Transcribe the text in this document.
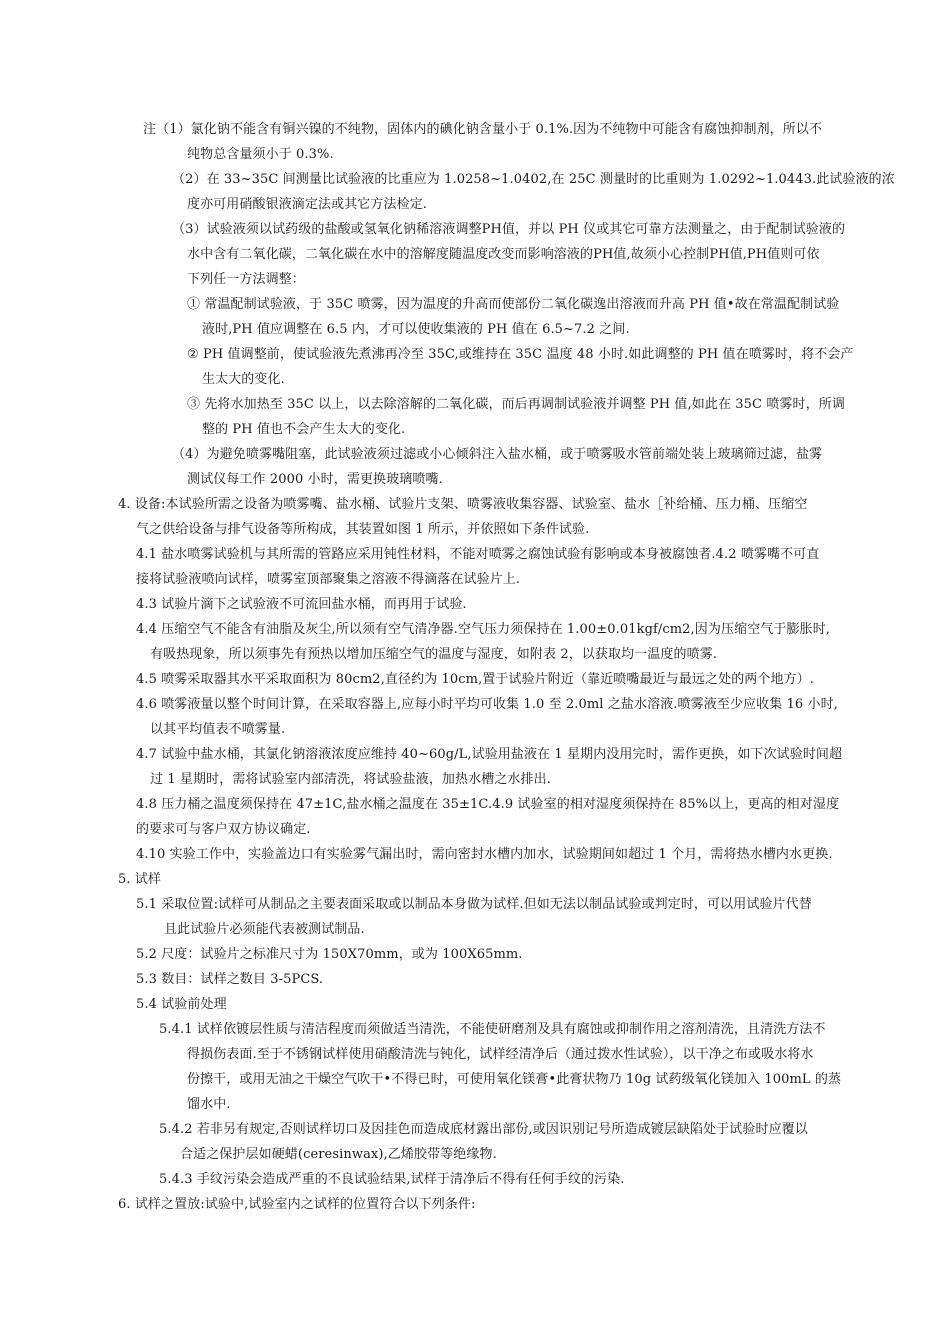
注（1）氯化钠不能含有铜兴镍的不纯物，固体内的碘化钠含量小于 0.1%.因为不纯物中可能含有腐蚀抑制剂，所以不
纯物总含量须小于 0.3%.
（2）在 33~35C 间测量比试验液的比重应为 1.0258~1.0402,在 25C 测量时的比重则为 1.0292~1.0443.此试验液的浓
度亦可用硝酸银液滴定法或其它方法检定.
（3）试验液须以试药级的盐酸或氢氧化钠稀溶液调整PH值，并以 PH 仪或其它可靠方法测量之，由于配制试验液的
水中含有二氧化碳，二氧化碳在水中的溶解度随温度改变而影响溶液的PH值,故须小心控制PH值,PH值则可依
下列任一方法调整：
① 常温配制试验液，于 35C 喷雾，因为温度的升高而使部份二氧化碳逸出溶液而升高 PH 值•故在常温配制试验
液时,PH 值应调整在 6.5 内，才可以使收集液的 PH 值在 6.5~7.2 之间.
② PH 值调整前，使试验液先煮沸再冷至 35C,或维持在 35C 温度 48 小时.如此调整的 PH 值在喷雾时，将不会产
生太大的变化.
③ 先将水加热至 35C 以上，以去除溶解的二氧化碳，而后再调制试验液并调整 PH 值,如此在 35C 喷雾时，所调
整的 PH 值也不会产生太大的变化.
（4）为避免喷雾嘴阻塞，此试验液须过滤或小心倾斜注入盐水桶，或于喷雾吸水管前端处装上玻璃筛过滤，盐雾
测试仪每工作 2000 小时，需更换玻璃喷嘴.
4. 设备:本试验所需之设备为喷雾嘴、盐水桶、试验片支架、喷雾液收集容器、试验室、盐水［补给桶、压力桶、压缩空
气之供给设备与排气设备等所构成，其装置如图 1 所示，并依照如下条件试验.
4.1 盐水喷雾试验机与其所需的管路应采用钝性材料，不能对喷雾之腐蚀试验有影响或本身被腐蚀者.4.2 喷雾嘴不可直
接将试验液喷向试样，喷雾室顶部聚集之溶液不得滴落在试验片上.
4.3 试验片滴下之试验液不可流回盐水桶，而再用于试验.
4.4 压缩空气不能含有油脂及灰尘,所以须有空气清净器.空气压力须保持在 1.00±0.01kgf/cm2,因为压缩空气于膨胀时,
有吸热现象，所以须事先有预热以增加压缩空气的温度与湿度，如附表 2，以获取均一温度的喷雾.
4.5 喷雾采取器其水平采取面积为 80cm2,直径约为 10cm,置于试验片附近（靠近喷嘴最近与最远之处的两个地方）.
4.6 喷雾液量以整个时间计算，在采取容器上,应每小时平均可收集 1.0 至 2.0ml 之盐水溶液.喷雾液至少应收集 16 小时,
以其平均值表不喷雾量.
4.7 试验中盐水桶，其氯化钠溶液浓度应维持 40~60g/L,试验用盐液在 1 星期内没用完时，需作更换，如下次试验时间超
过 1 星期时，需将试验室内部清洗，将试验盐液，加热水槽之水排出.
4.8 压力桶之温度须保持在 47±1C,盐水桶之温度在 35±1C.4.9 试验室的相对湿度须保持在 85%以上，更高的相对湿度
的要求可与客户双方协议确定.
4.10 实验工作中，实验盖边口有实验雾气漏出时，需向密封水槽内加水，试验期间如超过 1 个月，需将热水槽内水更换.
5. 试样
5.1 采取位置:试样可从制品之主要表面采取或以制品本身做为试样.但如无法以制品试验或判定时，可以用试验片代替
且此试验片必须能代表被测试制品.
5.2 尺度：试验片之标准尺寸为 150X70mm，或为 100X65mm.
5.3 数目：试样之数目 3-5PCS.
5.4 试验前处理
5.4.1 试样依镀层性质与清洁程度而须做适当清洗，不能使研磨剂及具有腐蚀或抑制作用之溶剂清洗，且清洗方法不
得损伤表面.至于不锈钢试样使用硝酸清洗与钝化，试样经清净后（通过拨水性试验），以干净之布或吸水将水
份擦干，或用无油之干燥空气吹干•不得已时，可使用氧化镁膏•此膏状物乃 10g 试药级氧化镁加入 100mL 的蒸
馏水中.
5.4.2 若非另有规定,否则试样切口及因挂色而造成底材露出部份,或因识别记号所造成镀层缺陷处于试验时应覆以
合适之保护层如硬蜡(ceresinwax),乙烯胶带等绝缘物.
5.4.3 手纹污染会造成严重的不良试验结果,试样于清净后不得有任何手纹的污染.
6. 试样之置放:试验中,试验室内之试样的位置符合以下列条件:
